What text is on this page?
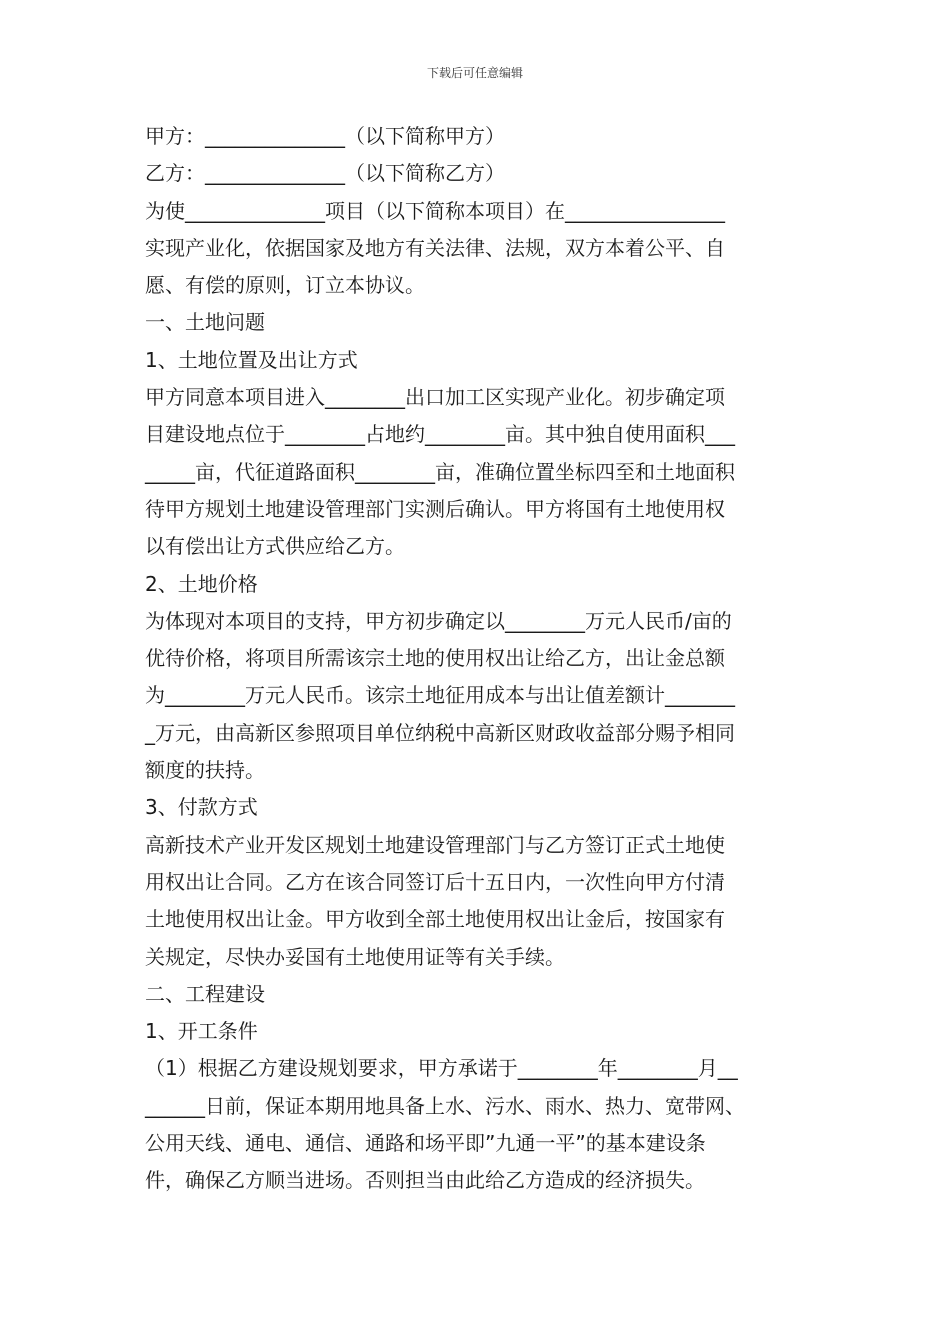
下载后可任意编辑
甲方：______________（以下简称甲方）
乙方：______________（以下简称乙方）
为使______________项目（以下简称本项目）在________________
实现产业化，依据国家及地方有关法律、法规，双方本着公平、自
愿、有偿的原则，订立本协议。
一、土地问题
1、土地位置及出让方式
甲方同意本项目进入________出口加工区实现产业化。初步确定项
目建设地点位于________占地约________亩。其中独自使用面积___
_____亩，代征道路面积________亩，准确位置坐标四至和土地面积
待甲方规划土地建设管理部门实测后确认。甲方将国有土地使用权
以有偿出让方式供应给乙方。
2、土地价格
为体现对本项目的支持，甲方初步确定以________万元人民币/亩的
优待价格，将项目所需该宗土地的使用权出让给乙方，出让金总额
为________万元人民币。该宗土地征用成本与出让值差额计_______
_万元，由高新区参照项目单位纳税中高新区财政收益部分赐予相同
额度的扶持。
3、付款方式
高新技术产业开发区规划土地建设管理部门与乙方签订正式土地使
用权出让合同。乙方在该合同签订后十五日内，一次性向甲方付清
土地使用权出让金。甲方收到全部土地使用权出让金后，按国家有
关规定，尽快办妥国有土地使用证等有关手续。
二、工程建设
1、开工条件
（1）根据乙方建设规划要求，甲方承诺于________年________月__
______日前，保证本期用地具备上水、污水、雨水、热力、宽带网、
公用天线、通电、通信、通路和场平即”九通一平”的基本建设条
件，确保乙方顺当进场。否则担当由此给乙方造成的经济损失。
